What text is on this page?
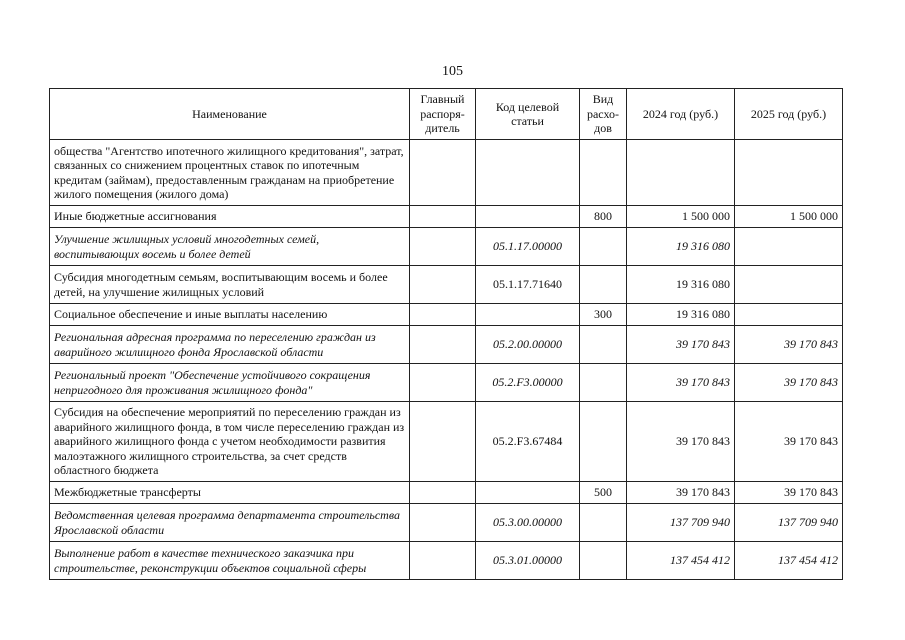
105
Наименование	Главный распоря-дитель	Код целевой статьи	Вид расхо-дов	2024 год (руб.)	2025 год (руб.)
общества "Агентство ипотечного жилищного кредитования", затрат, связанных со снижением процентных ставок по ипотечным кредитам (займам), предоставленным гражданам на приобретение жилого помещения (жилого дома)					
Иные бюджетные ассигнования			800	1 500 000	1 500 000
Улучшение жилищных условий многодетных семей, воспитывающих восемь и более детей		05.1.17.00000		19 316 080	
Субсидия многодетным семьям, воспитывающим восемь и более детей, на улучшение жилищных условий		05.1.17.71640		19 316 080	
Социальное обеспечение и иные выплаты населению			300	19 316 080	
Региональная адресная программа по переселению граждан из аварийного жилищного фонда Ярославской области		05.2.00.00000		39 170 843	39 170 843
Региональный проект "Обеспечение устойчивого сокращения непригодного для проживания жилищного фонда"		05.2.F3.00000		39 170 843	39 170 843
Субсидия на обеспечение мероприятий по переселению граждан из аварийного жилищного фонда, в том числе переселению граждан из аварийного жилищного фонда с учетом необходимости развития малоэтажного жилищного строительства, за счет средств областного бюджета		05.2.F3.67484		39 170 843	39 170 843
Межбюджетные трансферты			500	39 170 843	39 170 843
Ведомственная целевая программа департамента строительства Ярославской области		05.3.00.00000		137 709 940	137 709 940
Выполнение работ в качестве технического заказчика при строительстве, реконструкции объектов социальной сферы		05.3.01.00000		137 454 412	137 454 412
